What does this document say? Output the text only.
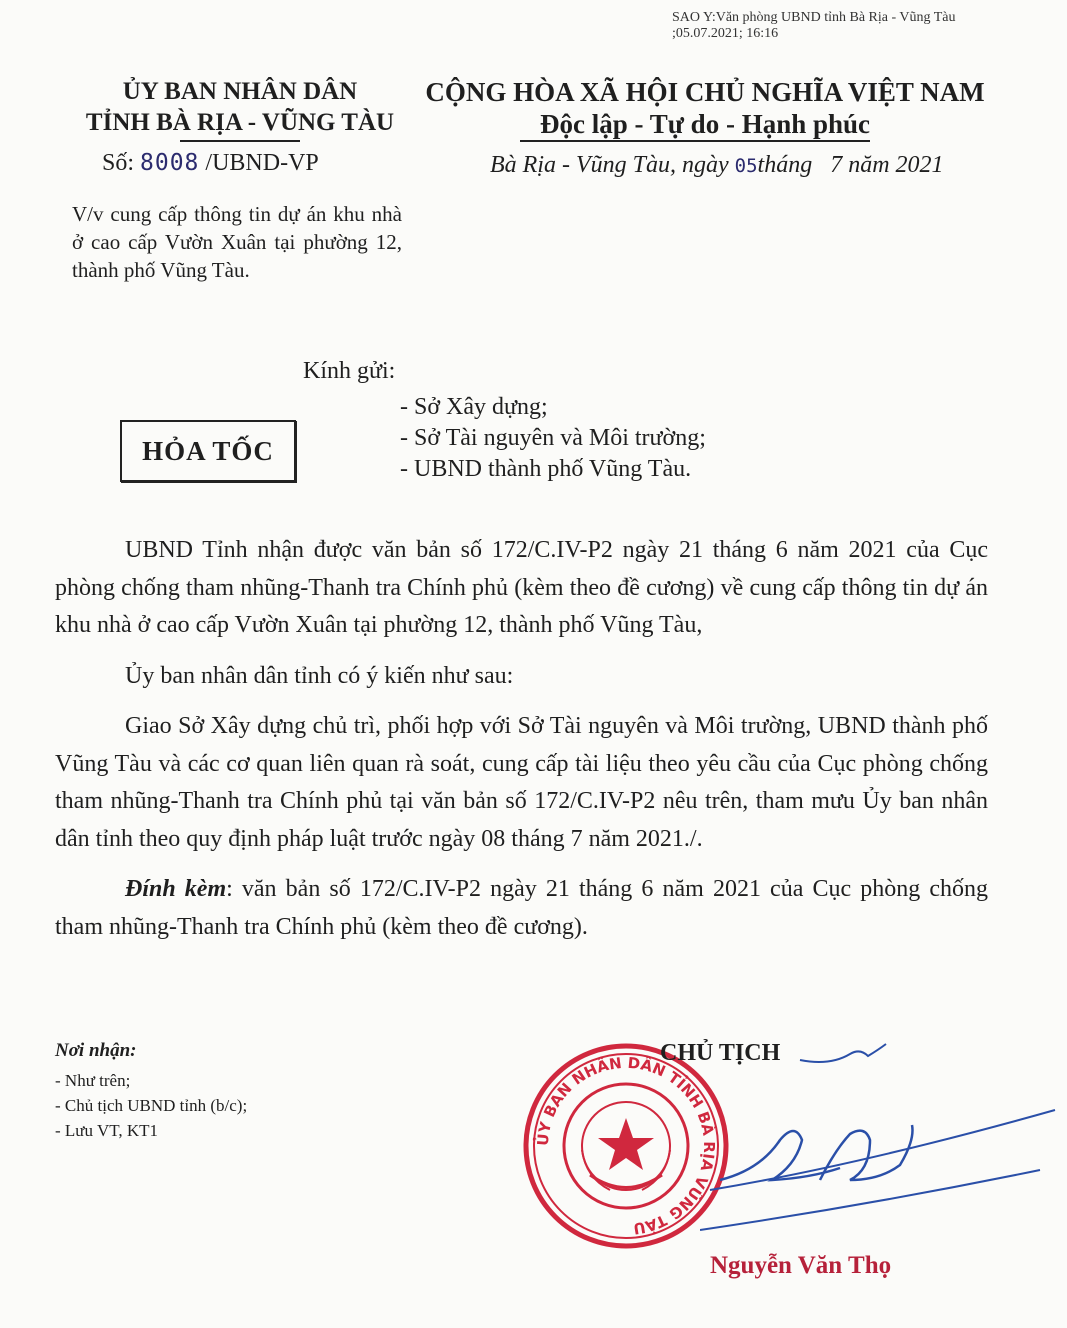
SAO Y:Văn phòng UBND tỉnh Bà Rịa - Vũng Tàu
;05.07.2021; 16:16
ỦY BAN NHÂN DÂN
TỈNH BÀ RỊA - VŨNG TÀU
CỘNG HÒA XÃ HỘI CHỦ NGHĨA VIỆT NAM
Độc lập - Tự do - Hạnh phúc
Số: 8008 /UBND-VP	Bà Rịa - Vũng Tàu, ngày 05tháng 7 năm 2021
V/v cung cấp thông tin dự án khu nhà ở cao cấp Vườn Xuân tại phường 12, thành phố Vũng Tàu.
Kính gửi:
- Sở Xây dựng;
- Sở Tài nguyên và Môi trường;
- UBND thành phố Vũng Tàu.
HỎA TỐC

UBND Tỉnh nhận được văn bản số 172/C.IV-P2 ngày 21 tháng 6 năm 2021 của Cục phòng chống tham nhũng-Thanh tra Chính phủ (kèm theo đề cương) về cung cấp thông tin dự án khu nhà ở cao cấp Vườn Xuân tại phường 12, thành phố Vũng Tàu,

Ủy ban nhân dân tỉnh có ý kiến như sau:

Giao Sở Xây dựng chủ trì, phối hợp với Sở Tài nguyên và Môi trường, UBND thành phố Vũng Tàu và các cơ quan liên quan rà soát, cung cấp tài liệu theo yêu cầu của Cục phòng chống tham nhũng-Thanh tra Chính phủ tại văn bản số 172/C.IV-P2 nêu trên, tham mưu Ủy ban nhân dân tỉnh theo quy định pháp luật trước ngày 08 tháng 7 năm 2021./.

Đính kèm: văn bản số 172/C.IV-P2 ngày 21 tháng 6 năm 2021 của Cục phòng chống tham nhũng-Thanh tra Chính phủ (kèm theo đề cương).

Nơi nhận:
- Như trên;
- Chủ tịch UBND tỉnh (b/c);
- Lưu VT, KT1	ỦY BAN NHÂN DÂN TỈNH BÀ RỊA VŨNG TÀU
CHỦ TỊCH
Nguyễn Văn Thọ
